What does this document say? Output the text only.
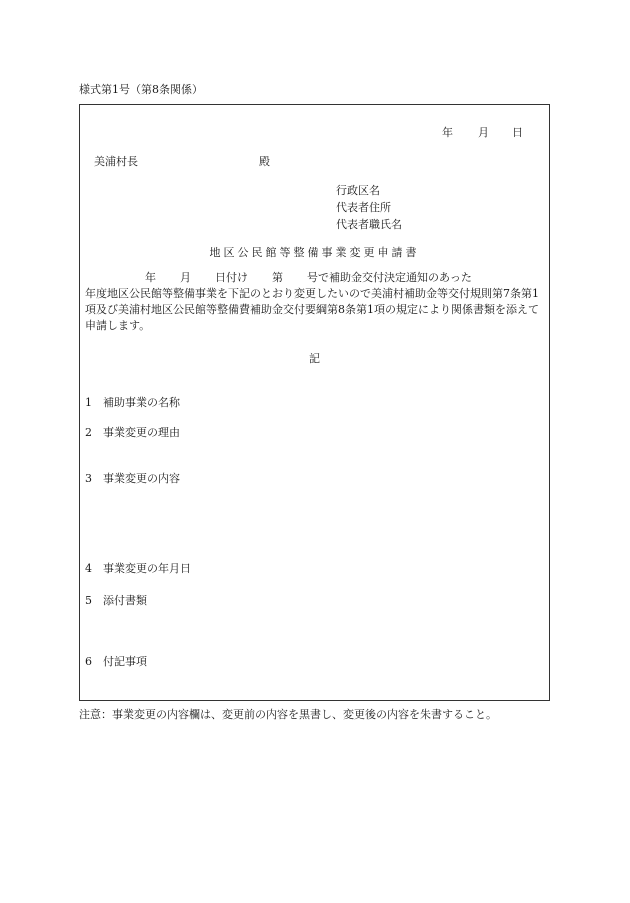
様式第1号（第8条関係）
年 月 日
美浦村長	殿
行政区名
代表者住所
代表者職氏名
地区公民館等整備事業変更申請書
年 月 日付け 第 号で補助金交付決定通知のあった
年度地区公民館等整備事業を下記のとおり変更したいので美浦村補助金等交付規則第7条第1項及び美浦村地区公民館等整備費補助金交付要綱第8条第1項の規定により関係書類を添えて申請します。
記
1 補助事業の名称
2 事業変更の理由
3 事業変更の内容
4 事業変更の年月日
5 添付書類
6 付記事項
注意：事業変更の内容欄は、変更前の内容を黒書し、変更後の内容を朱書すること。
